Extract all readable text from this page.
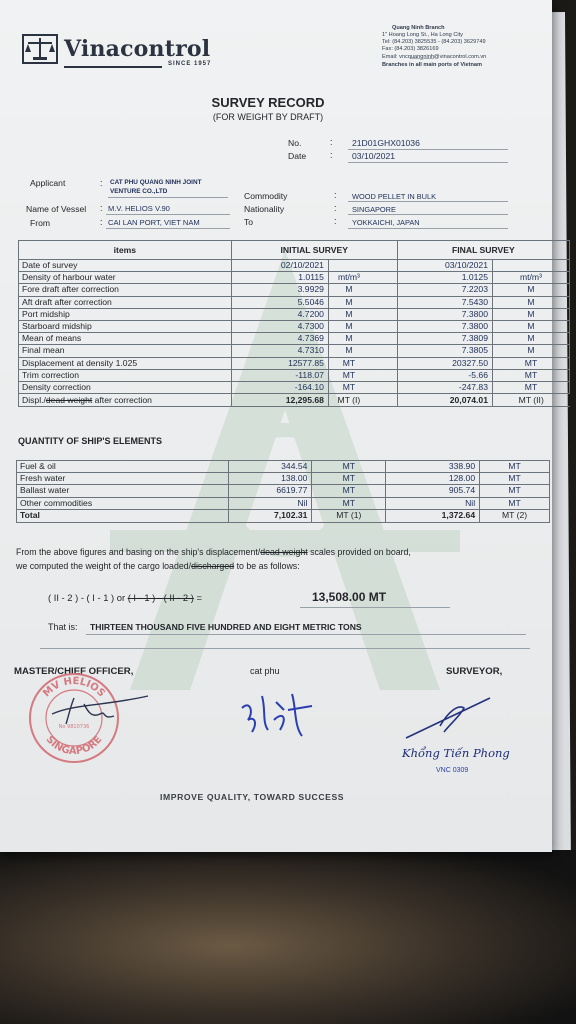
Quang Ninh Branch
1" Hoang Long St., Ha Long City
Tel: (84.203) 3825535 - (84.203) 3629749
Fax: (84.203) 3826169
Email: vncqu̲a̲n̲g̲n̲i̲n̲h̲@vinacontrol.com.vn
Branches in all main ports of Vietnam
Vinacontrol
SINCE 1957
SURVEY RECORD
(FOR WEIGHT BY DRAFT)
No.	: 21D01GHX01036
Date	: 03/10/2021
Applicant	: CAT PHU QUANG NINH JOINT
VENTURE CO.,LTD
Name of Vessel : M.V. HELIOS V.90
From	: CAI LAN PORT, VIET NAM
Commodity	: WOOD PELLET IN BULK
Nationality	: SINGAPORE
To	: YOKKAICHI, JAPAN
items	INITIAL SURVEY			FINAL SURVEY	
Date of survey	02/10/2021			03/10/2021	
Density of harbour water	1.0115	mt/m³		1.0125	mt/m³
Fore draft after correction	3.9929	M		7.2203	M
Aft draft after correction	5.5046	M		7.5430	M
Port midship	4.7200	M		7.3800	M
Starboard midship	4.7300	M		7.3800	M
Mean of means	4.7369	M		7.3809	M
Final mean	4.7310	M		7.3805	M
Displacement at density 1.025	12577.85	MT		20327.50	MT
Trim correction	-118.07	MT		-5.66	MT
Density correction	-164.10	MT		-247.83	MT
Displ./dead weight after correction	12,295.68	MT (I)		20,074.01	MT (II)
QUANTITY OF SHIP'S ELEMENTS
Fuel & oil	344.54	MT	338.90	MT
Fresh water	138.00	MT	128.00	MT
Ballast water	6619.77	MT	905.74	MT
Other commodities	Nil	MT	Nil	MT
Total	7,102.31	MT (1)	1,372.64	MT (2)
From the above figures and basing on the ship's displacement/dead weight scales provided on board,
we computed the weight of the cargo loaded/discharged to be as follows:
( II - 2 ) - ( I - 1 ) or ( I - 1 ) - ( II - 2 ) =	13,508.00 MT
That is: THIRTEEN THOUSAND FIVE HUNDRED AND EIGHT METRIC TONS
MASTER/CHIEF OFFICER,	cat phu	SURVEYOR,
MV HELIOS
SINGAPORE
No 9810736
Khổng Tiến Phong
VNC 0309
IMPROVE QUALITY, TOWARD SUCCESS
